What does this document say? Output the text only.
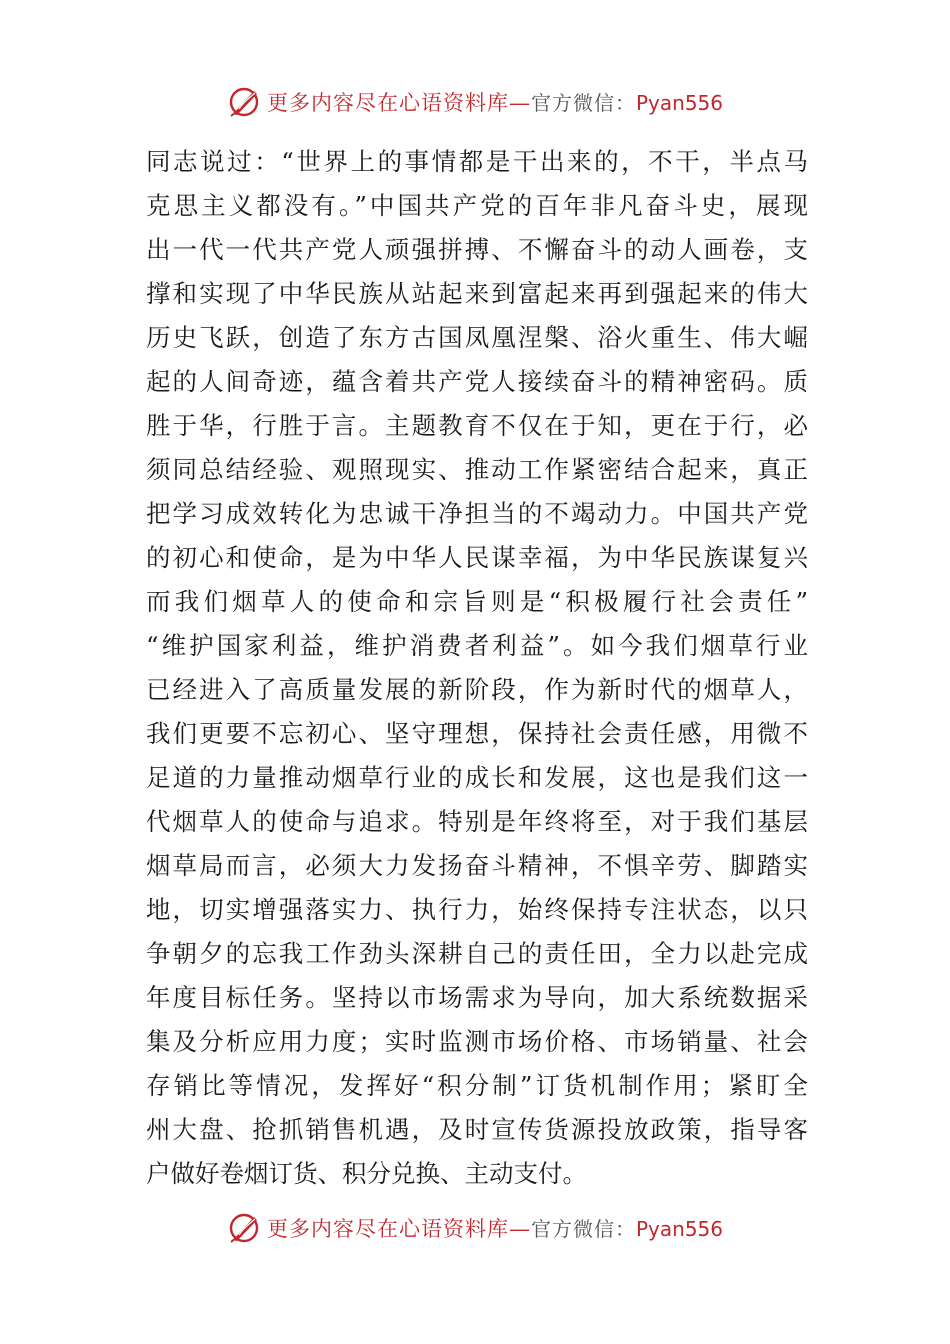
更多内容尽在心语资料库—官方微信：Pyan556
同志说过：“世界上的事情都是干出来的，不干，半点马
克思主义都没有。”中国共产党的百年非凡奋斗史，展现
出一代一代共产党人顽强拼搏、不懈奋斗的动人画卷，支
撑和实现了中华民族从站起来到富起来再到强起来的伟大
历史飞跃，创造了东方古国凤凰涅槃、浴火重生、伟大崛
起的人间奇迹，蕴含着共产党人接续奋斗的精神密码。质
胜于华，行胜于言。主题教育不仅在于知，更在于行，必
须同总结经验、观照现实、推动工作紧密结合起来，真正
把学习成效转化为忠诚干净担当的不竭动力。中国共产党
的初心和使命，是为中华人民谋幸福，为中华民族谋复兴
而我们烟草人的使命和宗旨则是“积极履行社会责任”
“维护国家利益，维护消费者利益”。如今我们烟草行业
已经进入了高质量发展的新阶段，作为新时代的烟草人，
我们更要不忘初心、坚守理想，保持社会责任感，用微不
足道的力量推动烟草行业的成长和发展，这也是我们这一
代烟草人的使命与追求。特别是年终将至，对于我们基层
烟草局而言，必须大力发扬奋斗精神，不惧辛劳、脚踏实
地，切实增强落实力、执行力，始终保持专注状态，以只
争朝夕的忘我工作劲头深耕自己的责任田，全力以赴完成
年度目标任务。坚持以市场需求为导向，加大系统数据采
集及分析应用力度；实时监测市场价格、市场销量、社会
存销比等情况，发挥好“积分制”订货机制作用；紧盯全
州大盘、抢抓销售机遇，及时宣传货源投放政策，指导客
户做好卷烟订货、积分兑换、主动支付。
更多内容尽在心语资料库—官方微信：Pyan556
